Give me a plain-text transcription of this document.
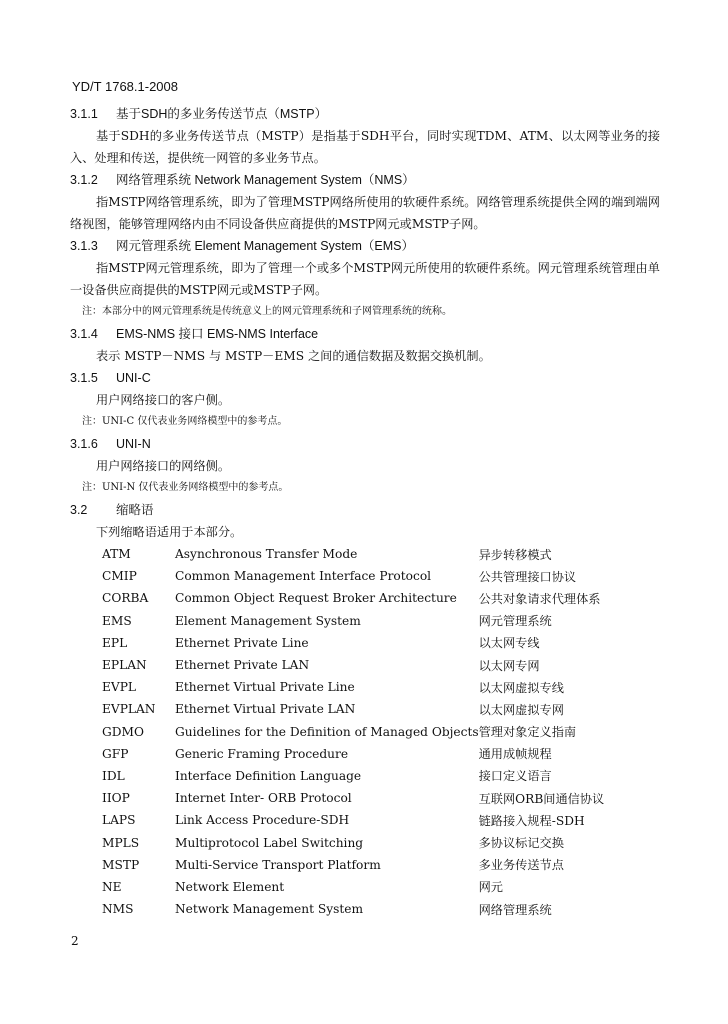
YD/T 1768.1-2008
3.1.1 基于SDH的多业务传送节点（MSTP）
基于SDH的多业务传送节点（MSTP）是指基于SDH平台，同时实现TDM、ATM、以太网等业务的接入、处理和传送，提供统一网管的多业务节点。
3.1.2 网络管理系统 Network Management System（NMS）
指MSTP网络管理系统，即为了管理MSTP网络所使用的软硬件系统。网络管理系统提供全网的端到端网络视图，能够管理网络内由不同设备供应商提供的MSTP网元或MSTP子网。
3.1.3 网元管理系统 Element Management System（EMS）
指MSTP网元管理系统，即为了管理一个或多个MSTP网元所使用的软硬件系统。网元管理系统管理由单一设备供应商提供的MSTP网元或MSTP子网。
注：本部分中的网元管理系统是传统意义上的网元管理系统和子网管理系统的统称。
3.1.4 EMS-NMS 接口 EMS-NMS Interface
表示 MSTP－NMS 与 MSTP－EMS 之间的通信数据及数据交换机制。
3.1.5 UNI-C
用户网络接口的客户侧。
注：UNI-C 仅代表业务网络模型中的参考点。
3.1.6 UNI-N
用户网络接口的网络侧。
注：UNI-N 仅代表业务网络模型中的参考点。
3.2 缩略语
下列缩略语适用于本部分。
ATM	Asynchronous Transfer Mode	异步转移模式
CMIP	Common Management Interface Protocol	公共管理接口协议
CORBA	Common Object Request Broker Architecture	公共对象请求代理体系
EMS	Element Management System	网元管理系统
EPL	Ethernet Private Line	以太网专线
EPLAN	Ethernet Private LAN	以太网专网
EVPL	Ethernet Virtual Private Line	以太网虚拟专线
EVPLAN	Ethernet Virtual Private LAN	以太网虚拟专网
GDMO	Guidelines for the Definition of Managed Objects	管理对象定义指南
GFP	Generic Framing Procedure	通用成帧规程
IDL	Interface Definition Language	接口定义语言
IIOP	Internet Inter- ORB Protocol	互联网ORB间通信协议
LAPS	Link Access Procedure-SDH	链路接入规程-SDH
MPLS	Multiprotocol Label Switching	多协议标记交换
MSTP	Multi-Service Transport Platform	多业务传送节点
NE	Network Element	网元
NMS	Network Management System	网络管理系统
2
